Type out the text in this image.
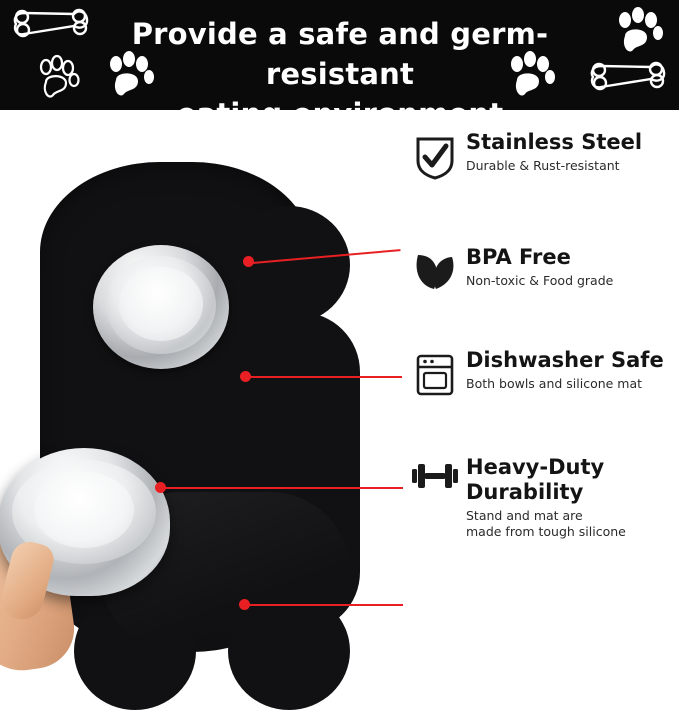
Provide a safe and germ-resistant
eating environment
Stainless Steel
Durable & Rust-resistant
BPA Free
Non-toxic & Food grade
Dishwasher Safe
Both bowls and silicone mat
Heavy-Duty
Durability
Stand and mat are
made from tough silicone
